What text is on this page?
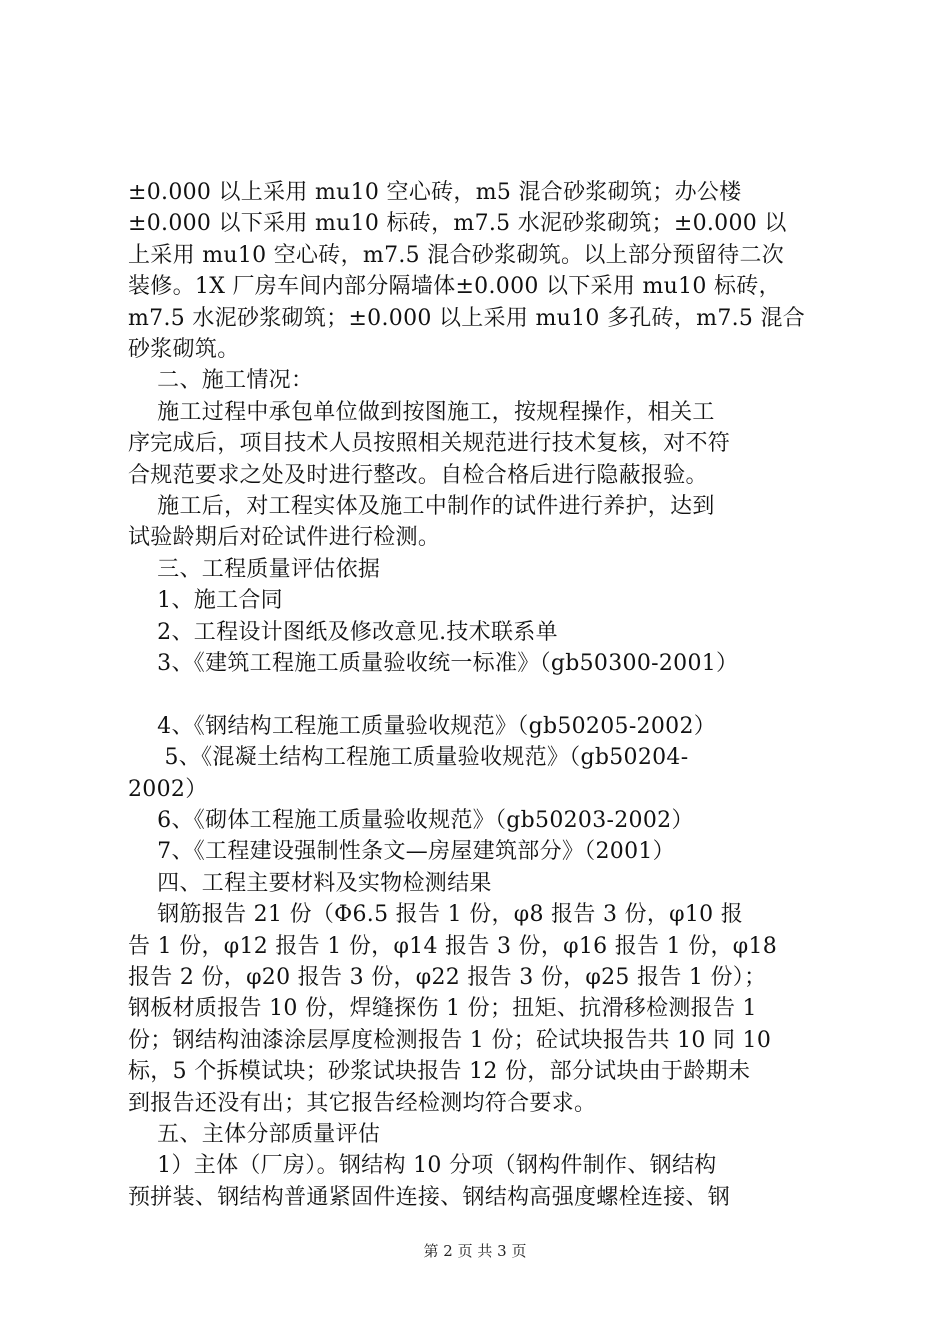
±0.000 以上采用 mu10 空心砖，m5 混合砂浆砌筑；办公楼
±0.000 以下采用 mu10 标砖，m7.5 水泥砂浆砌筑；±0.000 以
上采用 mu10 空心砖，m7.5 混合砂浆砌筑。以上部分预留待二次
装修。1X 厂房车间内部分隔墙体±0.000 以下采用 mu10 标砖，
m7.5 水泥砂浆砌筑；±0.000 以上采用 mu10 多孔砖，m7.5 混合
砂浆砌筑。
二、施工情况：
施工过程中承包单位做到按图施工，按规程操作，相关工
序完成后，项目技术人员按照相关规范进行技术复核，对不符
合规范要求之处及时进行整改。自检合格后进行隐蔽报验。
施工后，对工程实体及施工中制作的试件进行养护，达到
试验龄期后对砼试件进行检测。
三、工程质量评估依据
1、施工合同
2、工程设计图纸及修改意见.技术联系单
3、《建筑工程施工质量验收统一标准》（gb50300-2001）
4、《钢结构工程施工质量验收规范》（gb50205-2002）
5、《混凝土结构工程施工质量验收规范》（gb50204-
2002）
6、《砌体工程施工质量验收规范》（gb50203-2002）
7、《工程建设强制性条文—房屋建筑部分》（2001）
四、工程主要材料及实物检测结果
钢筋报告 21 份（Φ6.5 报告 1 份，φ8 报告 3 份，φ10 报
告 1 份，φ12 报告 1 份，φ14 报告 3 份，φ16 报告 1 份，φ18
报告 2 份，φ20 报告 3 份，φ22 报告 3 份，φ25 报告 1 份）；
钢板材质报告 10 份，焊缝探伤 1 份；扭矩、抗滑移检测报告 1
份；钢结构油漆涂层厚度检测报告 1 份；砼试块报告共 10 同 10
标，5 个拆模试块；砂浆试块报告 12 份，部分试块由于龄期未
到报告还没有出；其它报告经检测均符合要求。
五、主体分部质量评估
1）主体（厂房）。钢结构 10 分项（钢构件制作、钢结构
预拼装、钢结构普通紧固件连接、钢结构高强度螺栓连接、钢
第 2 页 共 3 页
